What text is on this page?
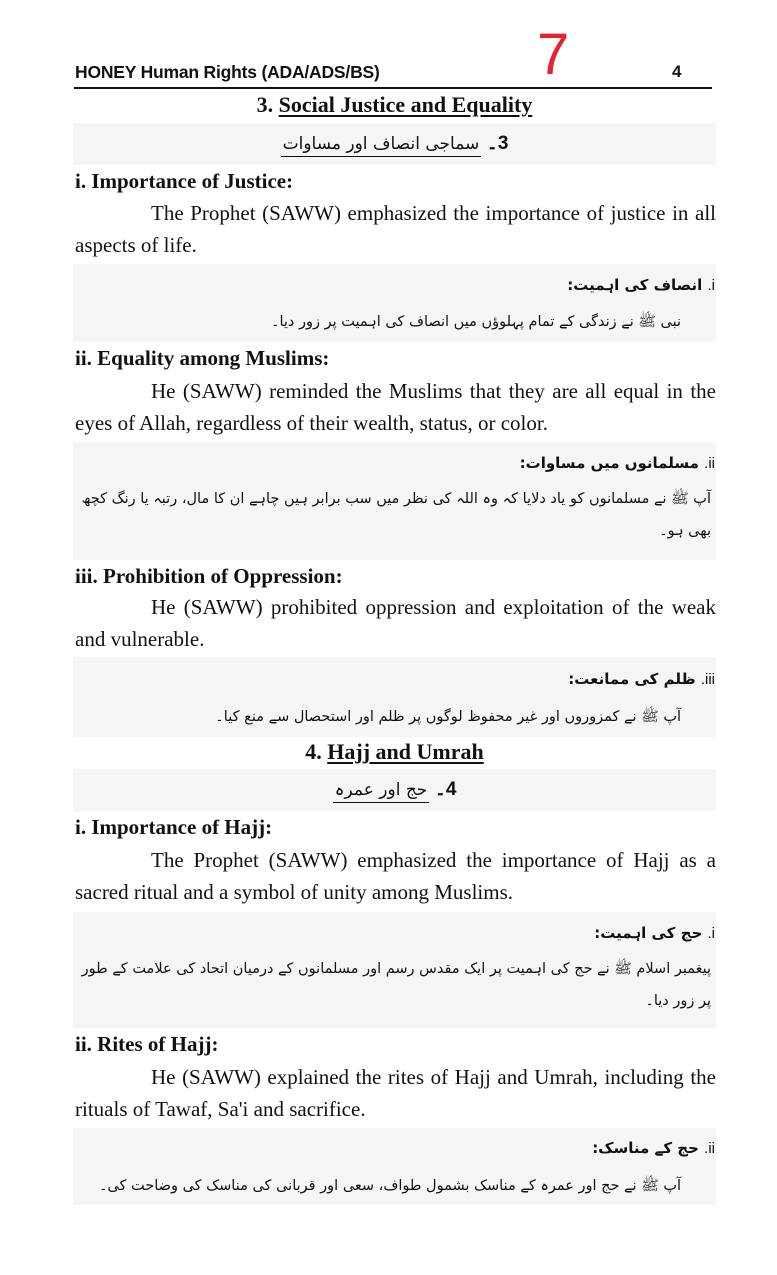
HONEY Human Rights (ADA/ADS/BS)	7	4
3. Social Justice and Equality
3۔ سماجی انصاف اور مساوات
i. Importance of Justice:
The Prophet (SAWW) emphasized the importance of justice in all aspects of life.
i. انصاف کی اہمیت:
نبی ﷺ نے زندگی کے تمام پہلوؤں میں انصاف کی اہمیت پر زور دیا۔
ii. Equality among Muslims:
He (SAWW) reminded the Muslims that they are all equal in the eyes of Allah, regardless of their wealth, status, or color.
ii. مسلمانوں میں مساوات:
آپ ﷺ نے مسلمانوں کو یاد دلایا کہ وہ اللہ کی نظر میں سب برابر ہیں چاہے ان کا مال، رتبہ یا رنگ کچھ بھی ہو۔
iii. Prohibition of Oppression:
He (SAWW) prohibited oppression and exploitation of the weak and vulnerable.
iii. ظلم کی ممانعت:
آپ ﷺ نے کمزوروں اور غیر محفوظ لوگوں پر ظلم اور استحصال سے منع کیا۔
4. Hajj and Umrah
4۔ حج اور عمرہ
i. Importance of Hajj:
The Prophet (SAWW) emphasized the importance of Hajj as a sacred ritual and a symbol of unity among Muslims.
i. حج کی اہمیت:
پیغمبر اسلام ﷺ نے حج کی اہمیت پر ایک مقدس رسم اور مسلمانوں کے درمیان اتحاد کی علامت کے طور پر زور دیا۔
ii. Rites of Hajj:
He (SAWW) explained the rites of Hajj and Umrah, including the rituals of Tawaf, Sa'i and sacrifice.
ii. حج کے مناسک:
آپ ﷺ نے حج اور عمرہ کے مناسک بشمول طواف، سعی اور قربانی کی مناسک کی وضاحت کی۔
